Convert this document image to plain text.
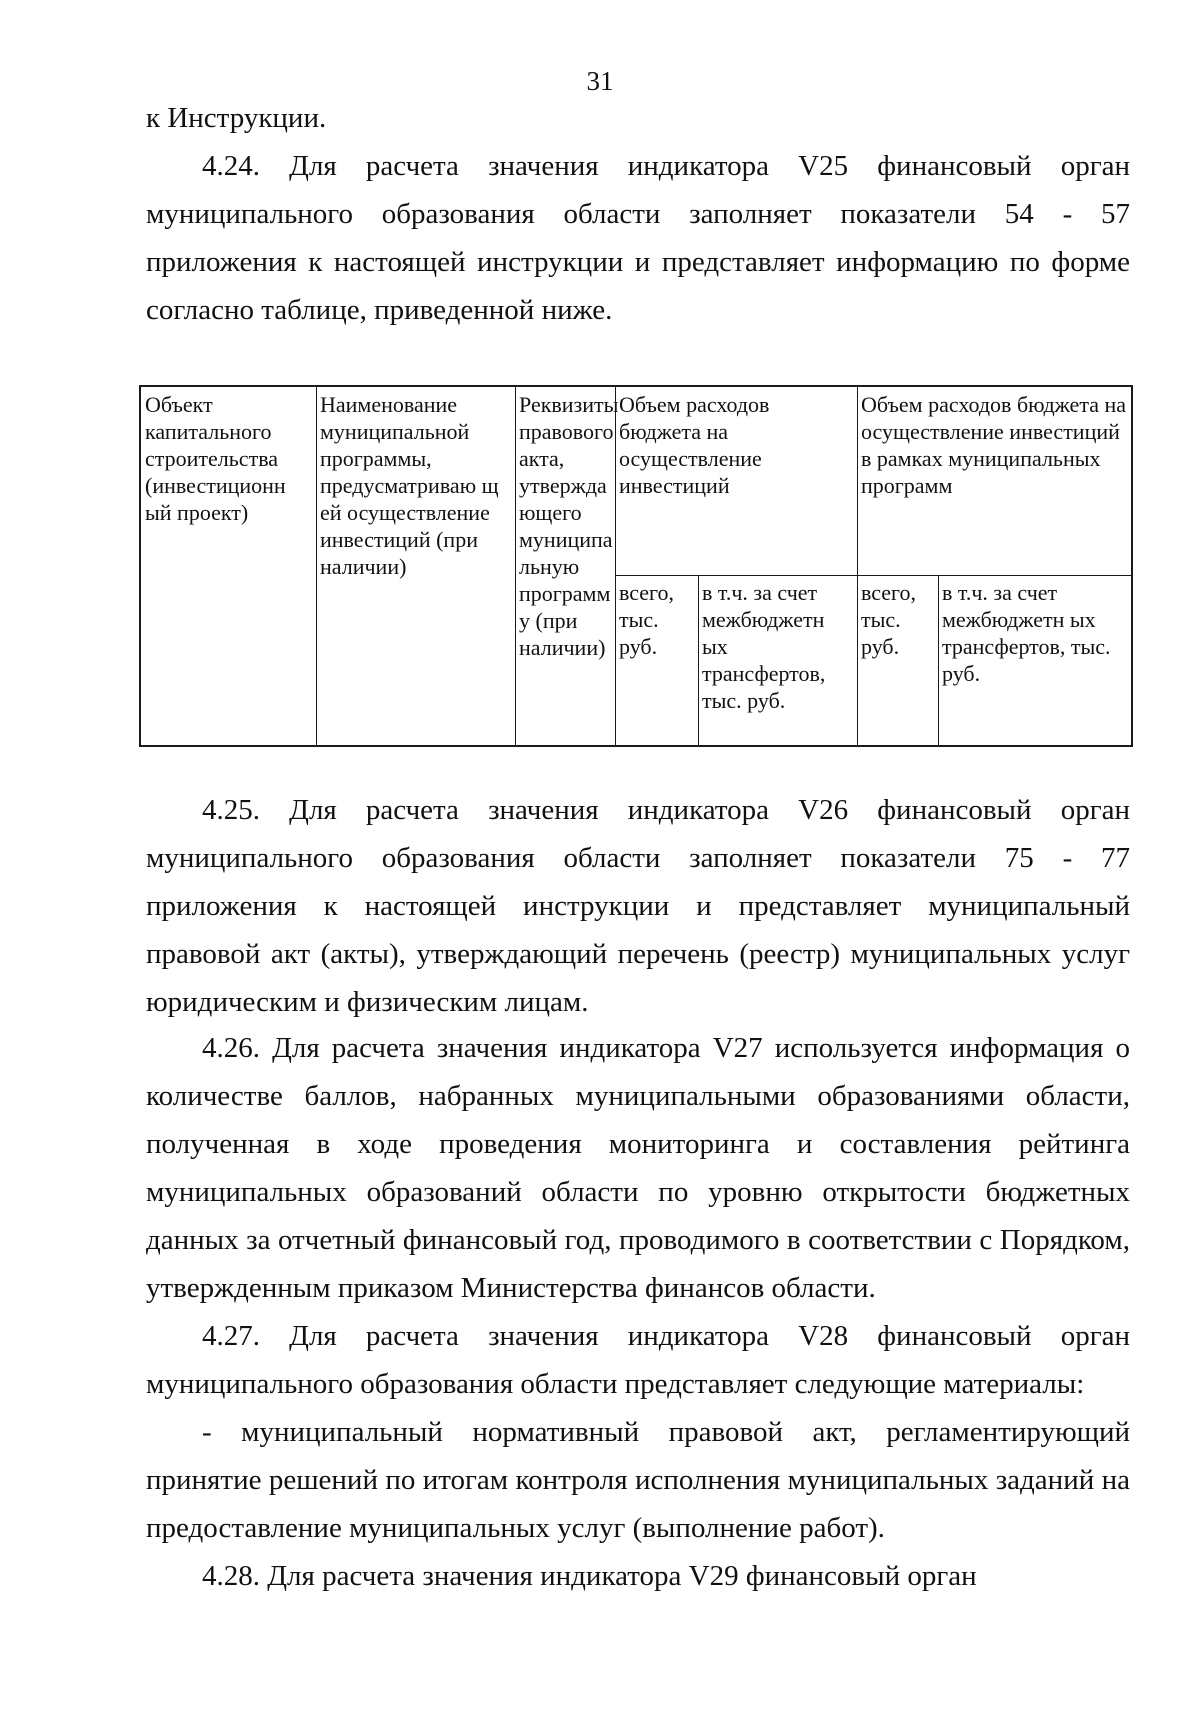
31

к Инструкции.

4.24. Для расчета значения индикатора V25 финансовый орган муниципального образования области заполняет показатели 54 - 57 приложения к настоящей инструкции и представляет информацию по форме согласно таблице, приведенной ниже.

Объект капитального строительства (инвестиционн ый проект)
Наименование муниципальной программы, предусматриваю щ ей осуществление инвестиций (при наличии)
Реквизиты правового акта, утвержда ющего муниципа льную программ у (при наличии)
Объем расходов бюджета на осуществление инвестиций
Объем расходов бюджета на осуществление инвестиций в рамках муниципальных программ
всего, тыс. руб.
в т.ч. за счет межбюджетн ых трансфертов, тыс. руб.
всего, тыс. руб.
в т.ч. за счет межбюджетн ых трансфертов, тыс. руб.

4.25. Для расчета значения индикатора V26 финансовый орган муниципального образования области заполняет показатели 75 - 77 приложения к настоящей инструкции и представляет муниципальный правовой акт (акты), утверждающий перечень (реестр) муниципальных услуг юридическим и физическим лицам.

4.26. Для расчета значения индикатора V27 используется информация о количестве баллов, набранных муниципальными образованиями области, полученная в ходе проведения мониторинга и составления рейтинга муниципальных образований области по уровню открытости бюджетных данных за отчетный финансовый год, проводимого в соответствии с Порядком, утвержденным приказом Министерства финансов области.

4.27. Для расчета значения индикатора V28 финансовый орган муниципального образования области представляет следующие материалы:

- муниципальный нормативный правовой акт, регламентирующий принятие решений по итогам контроля исполнения муниципальных заданий на предоставление муниципальных услуг (выполнение работ).

4.28. Для расчета значения индикатора V29 финансовый орган
